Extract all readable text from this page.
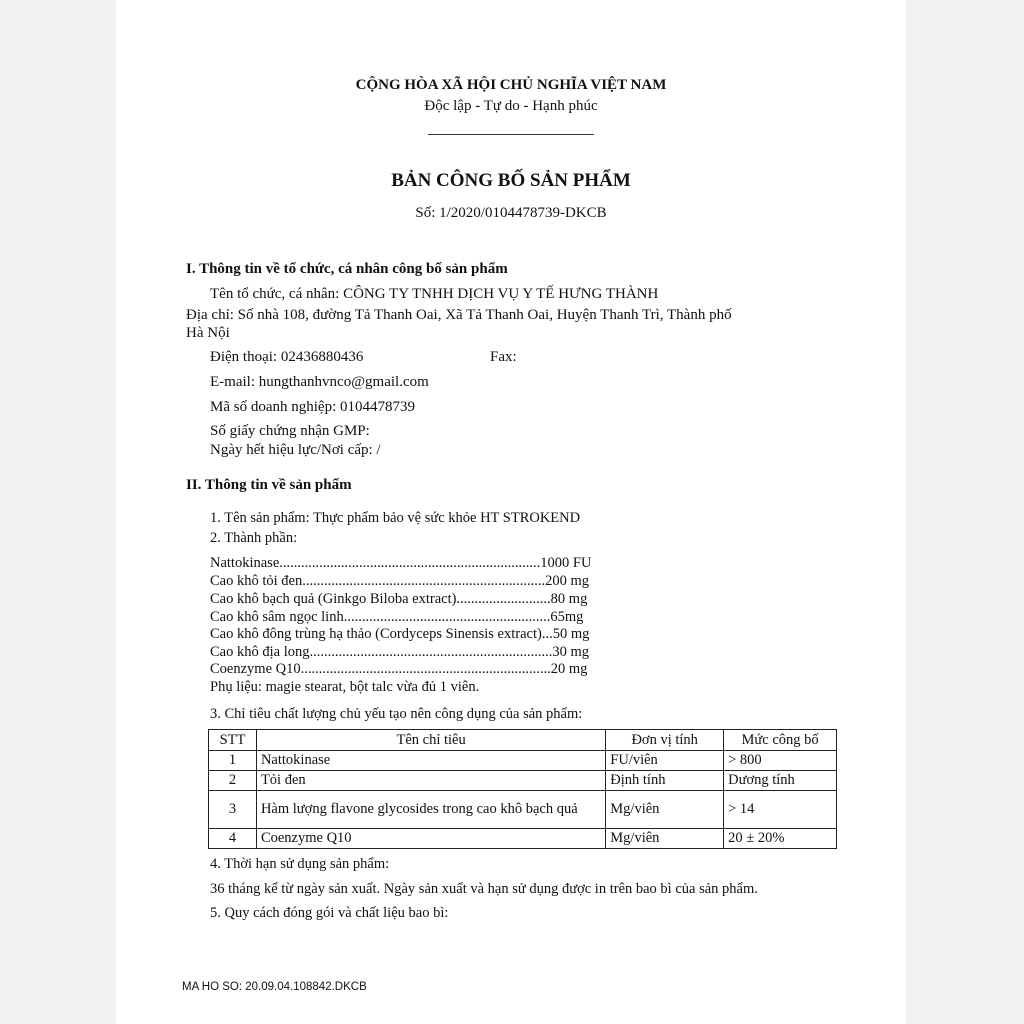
CỘNG HÒA XÃ HỘI CHỦ NGHĨA VIỆT NAM
Độc lập - Tự do - Hạnh phúc
BẢN CÔNG BỐ SẢN PHẨM
Số: 1/2020/0104478739-DKCB
I. Thông tin về tổ chức, cá nhân công bố sản phẩm
Tên tổ chức, cá nhân: CÔNG TY TNHH DỊCH VỤ Y TẾ HƯNG THÀNH
Địa chỉ: Số nhà 108, đường Tả Thanh Oai, Xã Tả Thanh Oai, Huyện Thanh Trì, Thành phố
Hà Nội
Điện thoại: 02436880436	Fax:
E-mail: hungthanhvnco@gmail.com
Mã số doanh nghiệp: 0104478739
Số giấy chứng nhận GMP:
Ngày hết hiệu lực/Nơi cấp: /
II. Thông tin về sản phẩm
1. Tên sản phẩm: Thực phẩm bảo vệ sức khỏe HT STROKEND
2. Thành phần:
Nattokinase........................................................................1000 FU
Cao khô tỏi đen...................................................................200 mg
Cao khô bạch quả (Ginkgo Biloba extract)..........................80 mg
Cao khô sâm ngọc linh.........................................................65mg
Cao khô đông trùng hạ thảo (Cordyceps Sinensis extract)...50 mg
Cao khô địa long...................................................................30 mg
Coenzyme Q10.....................................................................20 mg
Phụ liệu: magie stearat, bột talc vừa đủ 1 viên.
3. Chỉ tiêu chất lượng chủ yếu tạo nên công dụng của sản phẩm:
STT	Tên chỉ tiêu	Đơn vị tính	Mức công bố
1	Nattokinase	FU/viên	> 800
2	Tỏi đen	Định tính	Dương tính
3	Hàm lượng flavone glycosides trong cao khô bạch quả	Mg/viên	> 14
4	Coenzyme Q10	Mg/viên	20 ± 20%
4. Thời hạn sử dụng sản phẩm:
36 tháng kể từ ngày sản xuất. Ngày sản xuất và hạn sử dụng được in trên bao bì của sản phẩm.
5. Quy cách đóng gói và chất liệu bao bì:
MA HO SO: 20.09.04.108842.DKCB
